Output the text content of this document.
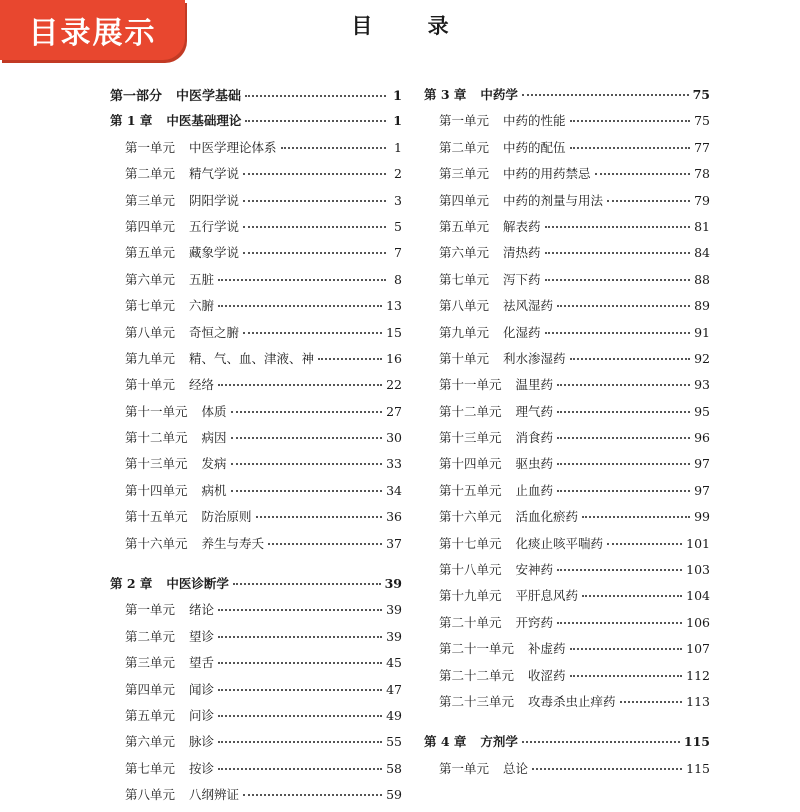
目录展示	目 录
第一部分 中医学基础	1
第 1 章 中医基础理论	1
第一单元 中医学理论体系	1
第二单元 精气学说	2
第三单元 阴阳学说	3
第四单元 五行学说	5
第五单元 藏象学说	7
第六单元 五脏	8
第七单元 六腑	13
第八单元 奇恒之腑	15
第九单元 精、气、血、津液、神	16
第十单元 经络	22
第十一单元 体质	27
第十二单元 病因	30
第十三单元 发病	33
第十四单元 病机	34
第十五单元 防治原则	36
第十六单元 养生与寿夭	37
第 2 章 中医诊断学	39
第一单元 绪论	39
第二单元 望诊	39
第三单元 望舌	45
第四单元 闻诊	47
第五单元 问诊	49
第六单元 脉诊	55
第七单元 按诊	58
第八单元 八纲辨证	59
第 3 章 中药学	75
第一单元 中药的性能	75
第二单元 中药的配伍	77
第三单元 中药的用药禁忌	78
第四单元 中药的剂量与用法	79
第五单元 解表药	81
第六单元 清热药	84
第七单元 泻下药	88
第八单元 祛风湿药	89
第九单元 化湿药	91
第十单元 利水渗湿药	92
第十一单元 温里药	93
第十二单元 理气药	95
第十三单元 消食药	96
第十四单元 驱虫药	97
第十五单元 止血药	97
第十六单元 活血化瘀药	99
第十七单元 化痰止咳平喘药	101
第十八单元 安神药	103
第十九单元 平肝息风药	104
第二十单元 开窍药	106
第二十一单元 补虚药	107
第二十二单元 收涩药	112
第二十三单元 攻毒杀虫止痒药	113
第 4 章 方剂学	115
第一单元 总论	115
